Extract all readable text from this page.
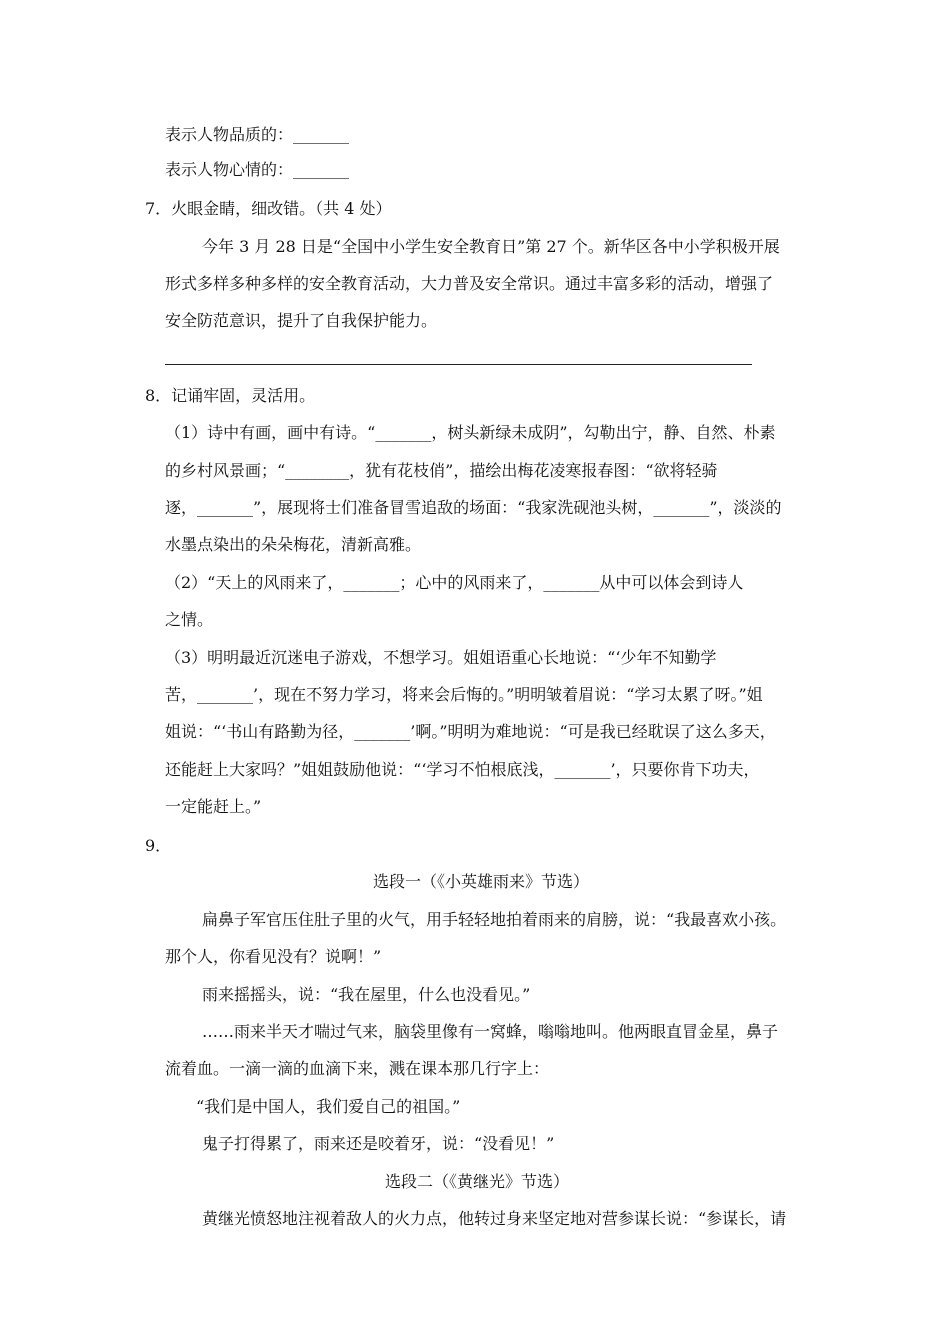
表示人物品质的：_______
表示人物心情的：_______
7．火眼金睛，细改错。（共 4 处）
今年 3 月 28 日是“全国中小学生安全教育日”第 27 个。新华区各中小学积极开展
形式多样多种多样的安全教育活动，大力普及安全常识。通过丰富多彩的活动，增强了
安全防范意识，提升了自我保护能力。
8．记诵牢固，灵活用。
（1）诗中有画，画中有诗。“_______，树头新绿未成阴”，勾勒出宁，静、自然、朴素
的乡村风景画；“________，犹有花枝俏”，描绘出梅花凌寒报春图：“欲将轻骑
逐，_______”，展现将士们准备冒雪追敌的场面：“我家洗砚池头树，_______”，淡淡的
水墨点染出的朵朵梅花，清新高雅。
（2）“天上的风雨来了，_______；心中的风雨来了，_______从中可以体会到诗人
之情。
（3）明明最近沉迷电子游戏，不想学习。姐姐语重心长地说：“‘少年不知勤学
苦，_______’，现在不努力学习，将来会后悔的。”明明皱着眉说：“学习太累了呀。”姐
姐说：“‘书山有路勤为径，_______’啊。”明明为难地说：“可是我已经耽误了这么多天，
还能赶上大家吗？”姐姐鼓励他说：“‘学习不怕根底浅，_______’，只要你肯下功夫，
一定能赶上。”
9．
选段一（《小英雄雨来》节选）
扁鼻子军官压住肚子里的火气，用手轻轻地拍着雨来的肩膀，说：“我最喜欢小孩。
那个人，你看见没有？说啊！”
雨来摇摇头，说：“我在屋里，什么也没看见。”
……雨来半天才喘过气来，脑袋里像有一窝蜂，嗡嗡地叫。他两眼直冒金星，鼻子
流着血。一滴一滴的血滴下来，溅在课本那几行字上：
“我们是中国人，我们爱自己的祖国。”
鬼子打得累了，雨来还是咬着牙，说：“没看见！”
选段二（《黄继光》节选）
黄继光愤怒地注视着敌人的火力点，他转过身来坚定地对营参谋长说：“参谋长，请
